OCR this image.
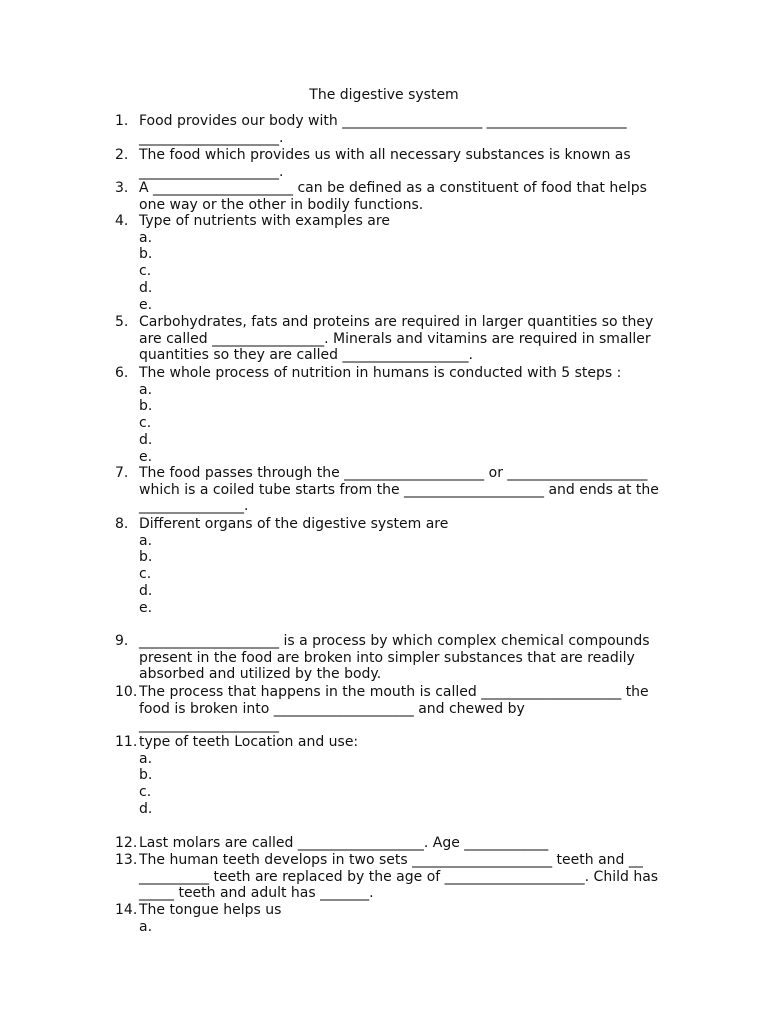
The digestive system
1. Food provides our body with ____________________ ____________________
____________________.
2. The food which provides us with all necessary substances is known as
____________________.
3. A ____________________ can be defined as a constituent of food that helps
one way or the other in bodily functions.
4. Type of nutrients with examples are
a.
b.
c.
d.
e.
5. Carbohydrates, fats and proteins are required in larger quantities so they
are called ________________. Minerals and vitamins are required in smaller
quantities so they are called __________________.
6. The whole process of nutrition in humans is conducted with 5 steps :
a.
b.
c.
d.
e.
7. The food passes through the ____________________ or ____________________
which is a coiled tube starts from the ____________________ and ends at the
_______________.
8. Different organs of the digestive system are
a.
b.
c.
d.
e.
9. ____________________ is a process by which complex chemical compounds
present in the food are broken into simpler substances that are readily
absorbed and utilized by the body.
10. The process that happens in the mouth is called ____________________ the
food is broken into ____________________ and chewed by
____________________
11. type of teeth Location and use:
a.
b.
c.
d.
12. Last molars are called __________________. Age ____________
13. The human teeth develops in two sets ____________________ teeth and __
__________ teeth are replaced by the age of ____________________. Child has
_____ teeth and adult has _______.
14. The tongue helps us
a.
